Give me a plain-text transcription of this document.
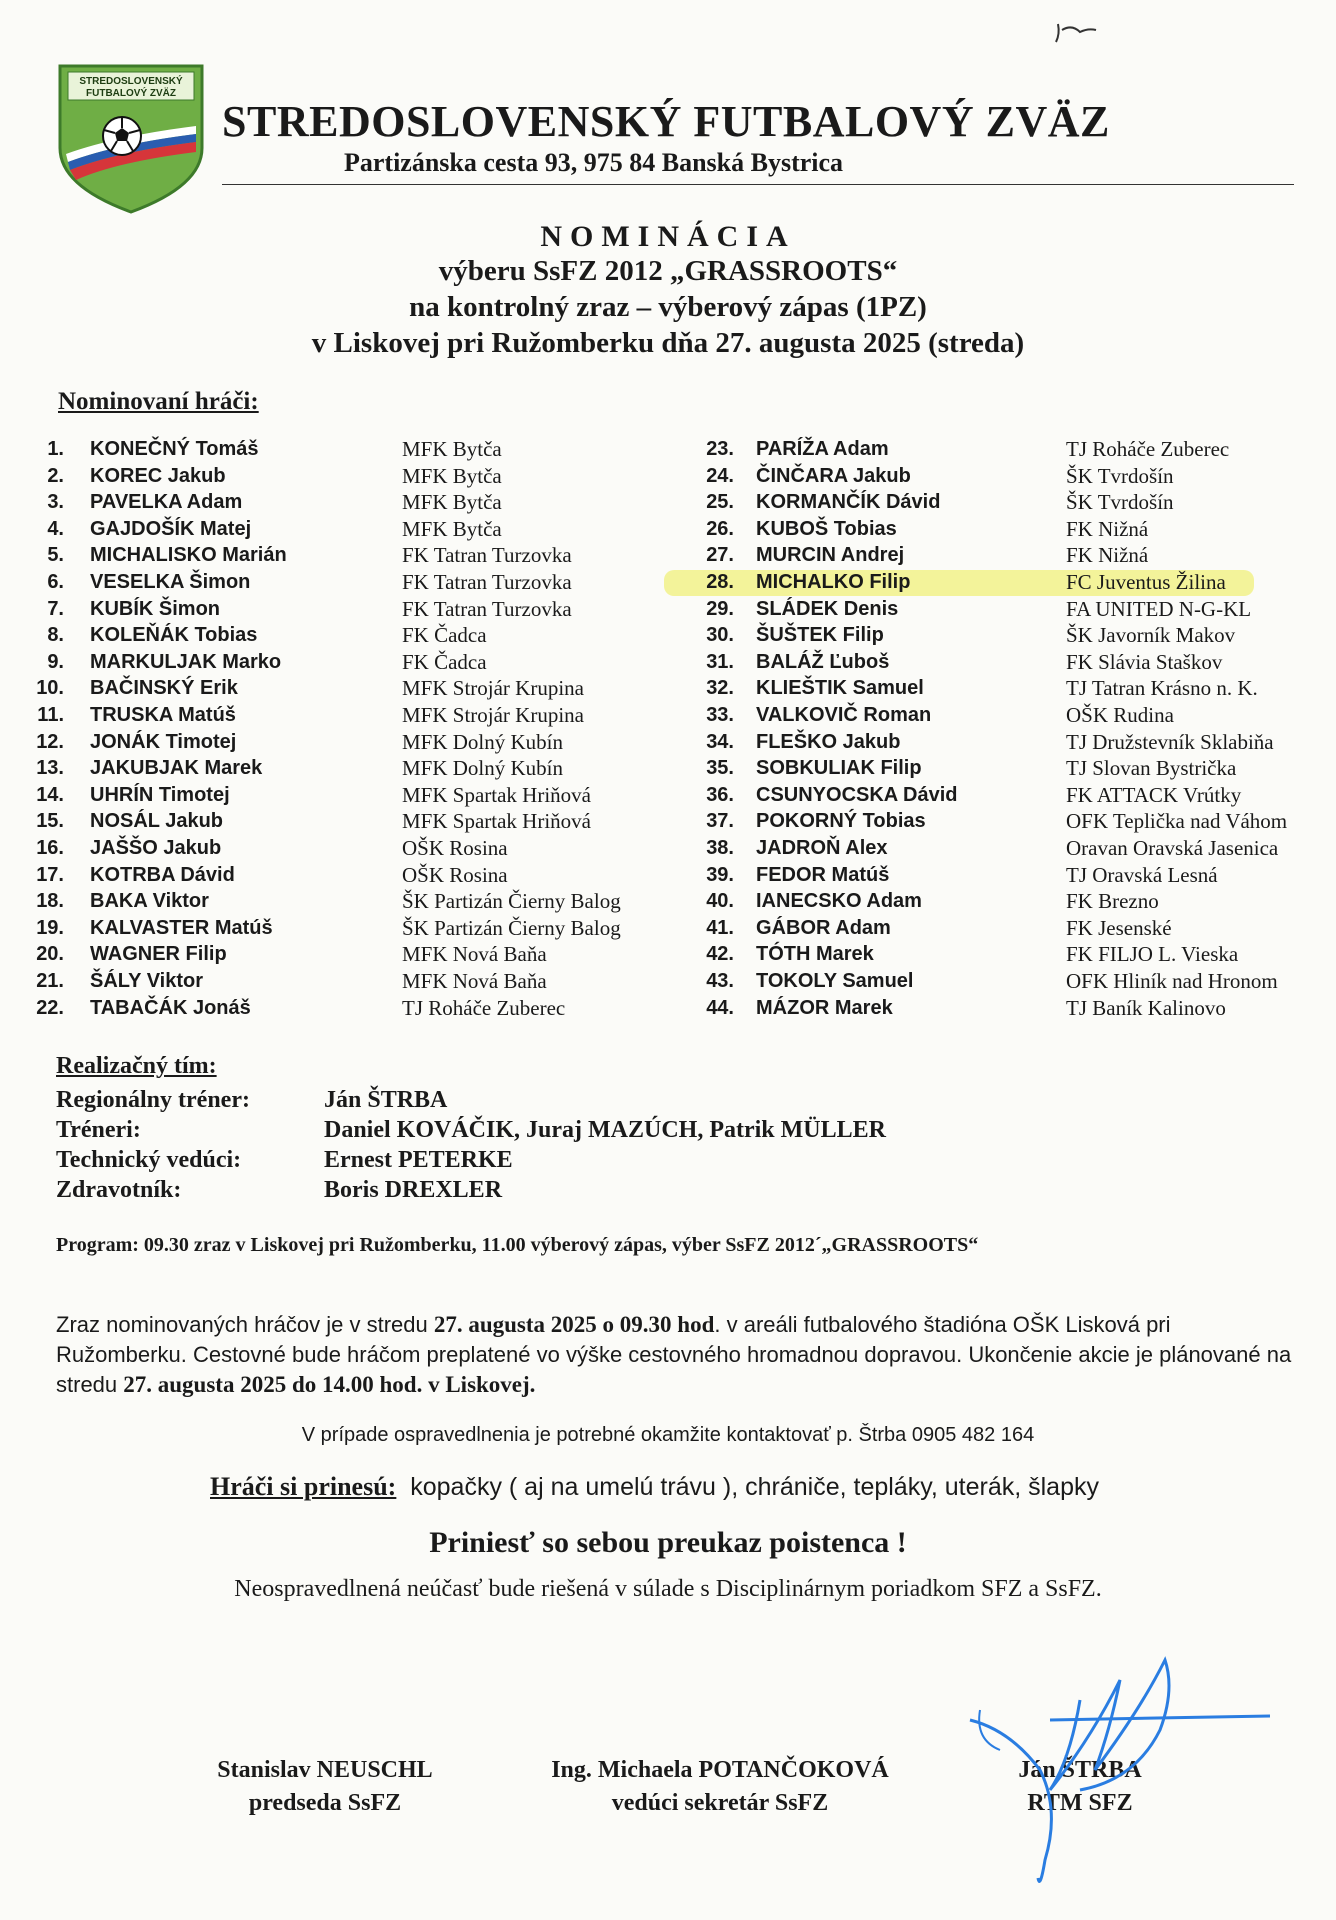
STREDOSLOVENSKÝ
FUTBALOVÝ ZVÄZ
STREDOSLOVENSKÝ FUTBALOVÝ ZVÄZ
Partizánska cesta 93, 975 84 Banská Bystrica
NOMINÁCIA
výberu SsFZ 2012 „GRASSROOTS“
na kontrolný zraz – výberový zápas (1PZ)
v Liskovej pri Ružomberku dňa 27. augusta 2025 (streda)
Nominovaní hráči:
1. KONEČNÝ Tomáš	MFK Bytča
2. KOREC Jakub	MFK Bytča
3. PAVELKA Adam	MFK Bytča
4. GAJDOŠÍK Matej	MFK Bytča
5. MICHALISKO Marián	FK Tatran Turzovka
6. VESELKA Šimon	FK Tatran Turzovka
7. KUBÍK Šimon	FK Tatran Turzovka
8. KOLEŇÁK Tobias	FK Čadca
9. MARKULJAK Marko	FK Čadca
10. BAČINSKÝ Erik	MFK Strojár Krupina
11. TRUSKA Matúš	MFK Strojár Krupina
12. JONÁK Timotej	MFK Dolný Kubín
13. JAKUBJAK Marek	MFK Dolný Kubín
14. UHRÍN Timotej	MFK Spartak Hriňová
15. NOSÁL Jakub	MFK Spartak Hriňová
16. JAŠŠO Jakub	OŠK Rosina
17. KOTRBA Dávid	OŠK Rosina
18. BAKA Viktor	ŠK Partizán Čierny Balog
19. KALVASTER Matúš	ŠK Partizán Čierny Balog
20. WAGNER Filip	MFK Nová Baňa
21. ŠÁLY Viktor	MFK Nová Baňa
22. TABAČÁK Jonáš	TJ Roháče Zuberec
23. PARÍŽA Adam	TJ Roháče Zuberec
24. ČINČARA Jakub	ŠK Tvrdošín
25. KORMANČÍK Dávid	ŠK Tvrdošín
26. KUBOŠ Tobias	FK Nižná
27. MURCIN Andrej	FK Nižná
28. MICHALKO Filip	FC Juventus Žilina
29. SLÁDEK Denis	FA UNITED N-G-KL
30. ŠUŠTEK Filip	ŠK Javorník Makov
31. BALÁŽ Ľuboš	FK Slávia Staškov
32. KLIEŠTIK Samuel	TJ Tatran Krásno n. K.
33. VALKOVIČ Roman	OŠK Rudina
34. FLEŠKO Jakub	TJ Družstevník Sklabiňa
35. SOBKULIAK Filip	TJ Slovan Bystrička
36. CSUNYOCSKA Dávid	FK ATTACK Vrútky
37. POKORNÝ Tobias	OFK Teplička nad Váhom
38. JADROŇ Alex	Oravan Oravská Jasenica
39. FEDOR Matúš	TJ Oravská Lesná
40. IANECSKO Adam	FK Brezno
41. GÁBOR Adam	FK Jesenské
42. TÓTH Marek	FK FILJO L. Vieska
43. TOKOLY Samuel	OFK Hliník nad Hronom
44. MÁZOR Marek	TJ Baník Kalinovo
Realizačný tím:
Regionálny tréner:	Ján ŠTRBA
Tréneri:	Daniel KOVÁČIK, Juraj MAZÚCH, Patrik MÜLLER
Technický vedúci:	Ernest PETERKE
Zdravotník:	Boris DREXLER
Program: 09.30 zraz v Liskovej pri Ružomberku, 11.00 výberový zápas, výber SsFZ 2012´„GRASSROOTS“
Zraz nominovaných hráčov je v stredu 27. augusta 2025 o 09.30 hod. v areáli futbalového štadióna OŠK Lisková pri Ružomberku. Cestovné bude hráčom preplatené vo výške cestovného hromadnou dopravou. Ukončenie akcie je plánované na stredu 27. augusta 2025 do 14.00 hod. v Liskovej.
V prípade ospravedlnenia je potrebné okamžite kontaktovať p. Štrba 0905 482 164
Hráči si prinesú: kopačky ( aj na umelú trávu ), chrániče, tepláky, uterák, šlapky
Priniesť so sebou preukaz poistenca !
Neospravedlnená neúčasť bude riešená v súlade s Disciplinárnym poriadkom SFZ a SsFZ.
Stanislav NEUSCHL
predseda SsFZ
Ing. Michaela POTANČOKOVÁ
vedúci sekretár SsFZ
Ján ŠTRBA
RTM SFZ
